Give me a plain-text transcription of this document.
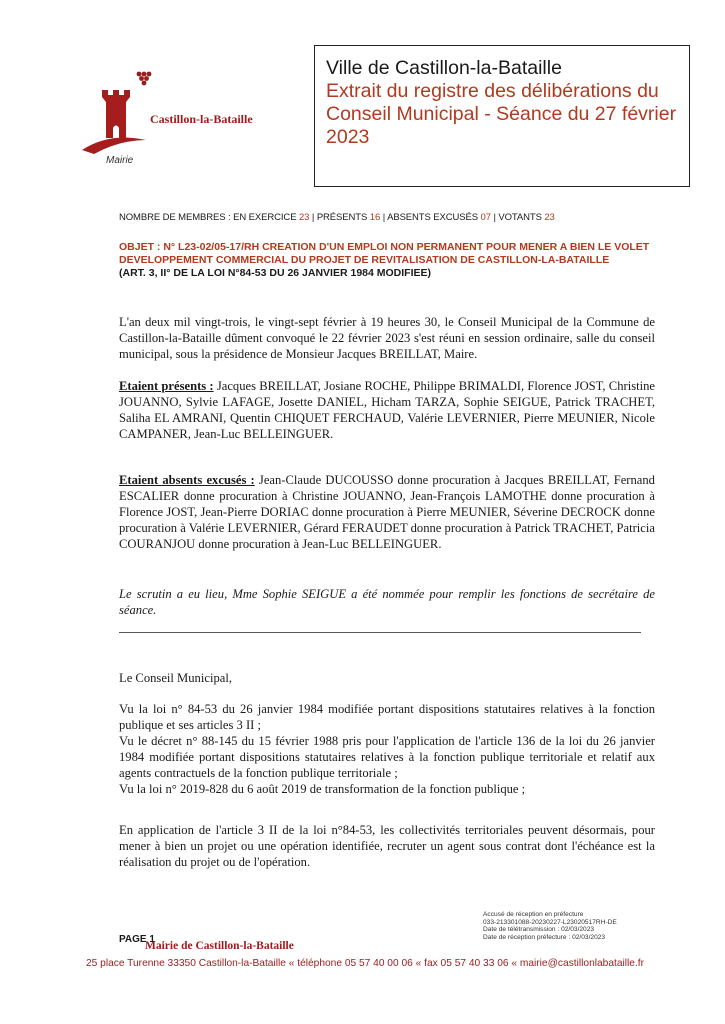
Castillon-la-Bataille
Mairie
Ville de Castillon-la-Bataille
Extrait du registre des délibérations du Conseil Municipal - Séance du 27 février 2023
NOMBRE DE MEMBRES : EN EXERCICE 23 | PRÉSENTS 16 | ABSENTS EXCUSÉS 07 | VOTANTS 23
OBJET : N° L23-02/05-17/RH CREATION D'UN EMPLOI NON PERMANENT POUR MENER A BIEN LE VOLET DEVELOPPEMENT COMMERCIAL DU PROJET DE REVITALISATION DE CASTILLON-LA-BATAILLE
(ART. 3, II° DE LA LOI N°84-53 DU 26 JANVIER 1984 MODIFIEE)
L'an deux mil vingt-trois, le vingt-sept février à 19 heures 30, le Conseil Municipal de la Commune de Castillon-la-Bataille dûment convoqué le 22 février 2023 s'est réuni en session ordinaire, salle du conseil municipal, sous la présidence de Monsieur Jacques BREILLAT, Maire.
Etaient présents : Jacques BREILLAT, Josiane ROCHE, Philippe BRIMALDI, Florence JOST, Christine JOUANNO, Sylvie LAFAGE, Josette DANIEL, Hicham TARZA, Sophie SEIGUE, Patrick TRACHET, Saliha EL AMRANI, Quentin CHIQUET FERCHAUD, Valérie LEVERNIER, Pierre MEUNIER, Nicole CAMPANER, Jean-Luc BELLEINGUER.
Etaient absents excusés : Jean-Claude DUCOUSSO donne procuration à Jacques BREILLAT, Fernand ESCALIER donne procuration à Christine JOUANNO, Jean-François LAMOTHE donne procuration à Florence JOST, Jean-Pierre DORIAC donne procuration à Pierre MEUNIER, Séverine DECROCK donne procuration à Valérie LEVERNIER, Gérard FERAUDET donne procuration à Patrick TRACHET, Patricia COURANJOU donne procuration à Jean-Luc BELLEINGUER.
Le scrutin a eu lieu, Mme Sophie SEIGUE a été nommée pour remplir les fonctions de secrétaire de séance.
Le Conseil Municipal,
Vu la loi n° 84-53 du 26 janvier 1984 modifiée portant dispositions statutaires relatives à la fonction publique et ses articles 3 II ;
Vu le décret n° 88-145 du 15 février 1988 pris pour l'application de l'article 136 de la loi du 26 janvier 1984 modifiée portant dispositions statutaires relatives à la fonction publique territoriale et relatif aux agents contractuels de la fonction publique territoriale ;
Vu la loi n° 2019-828 du 6 août 2019 de transformation de la fonction publique ;
En application de l'article 3 II de la loi n°84-53, les collectivités territoriales peuvent désormais, pour mener à bien un projet ou une opération identifiée, recruter un agent sous contrat dont l'échéance est la réalisation du projet ou de l'opération.
Accusé de réception en préfecture
033-213301088-20230227-L23020517RH-DE
Date de télétransmission : 02/03/2023
Date de réception préfecture : 02/03/2023
PAGE 1
Mairie de Castillon-la-Bataille
25 place Turenne 33350 Castillon-la-Bataille « téléphone 05 57 40 00 06 « fax 05 57 40 33 06 « mairie@castillonlabataille.fr
